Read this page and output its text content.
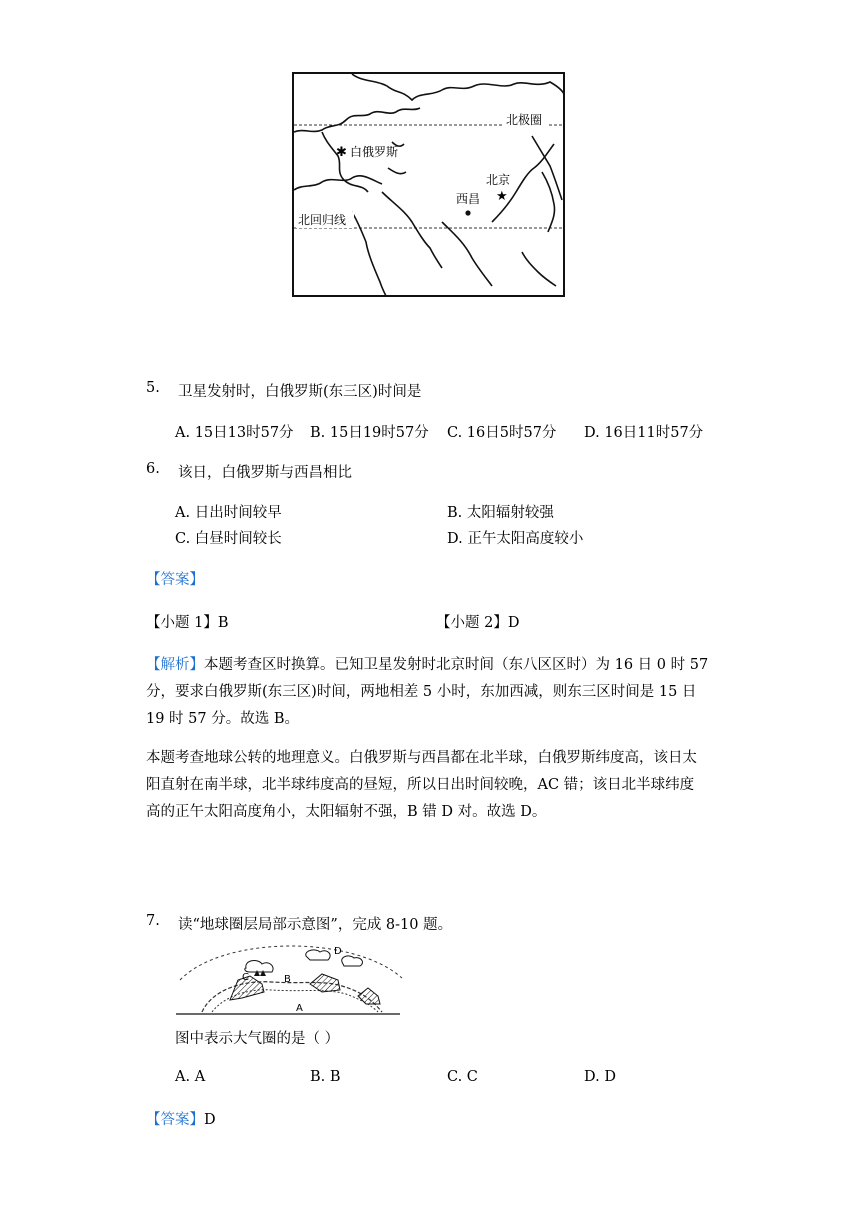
✱
★
北极圈
白俄罗斯
北京
西昌
北回归线
5. 卫星发射时，白俄罗斯(东三区)时间是
A. 15日13时57分 B. 15日19时57分 C. 16日5时57分 D. 16日11时57分
6. 该日，白俄罗斯与西昌相比
A. 日出时间较早	B. 太阳辐射较强
C. 白昼时间较长	D. 正午太阳高度较小
【答案】
【小题 1】B	【小题 2】D
【解析】本题考查区时换算。已知卫星发射时北京时间（东八区区时）为 16 日 0 时 57
分，要求白俄罗斯(东三区)时间，两地相差 5 小时，东加西减，则东三区时间是 15 日
19 时 57 分。故选 B。
本题考查地球公转的地理意义。白俄罗斯与西昌都在北半球，白俄罗斯纬度高，该日太
阳直射在南半球，北半球纬度高的昼短，所以日出时间较晚，AC 错；该日北半球纬度
高的正午太阳高度角小，太阳辐射不强，B 错 D 对。故选 D。
7. 读“地球圈层局部示意图”，完成 8-10 题。
C	B
D
A
图中表示大气圈的是（ ）
A. A	B. B	C. C	D. D
【答案】D
